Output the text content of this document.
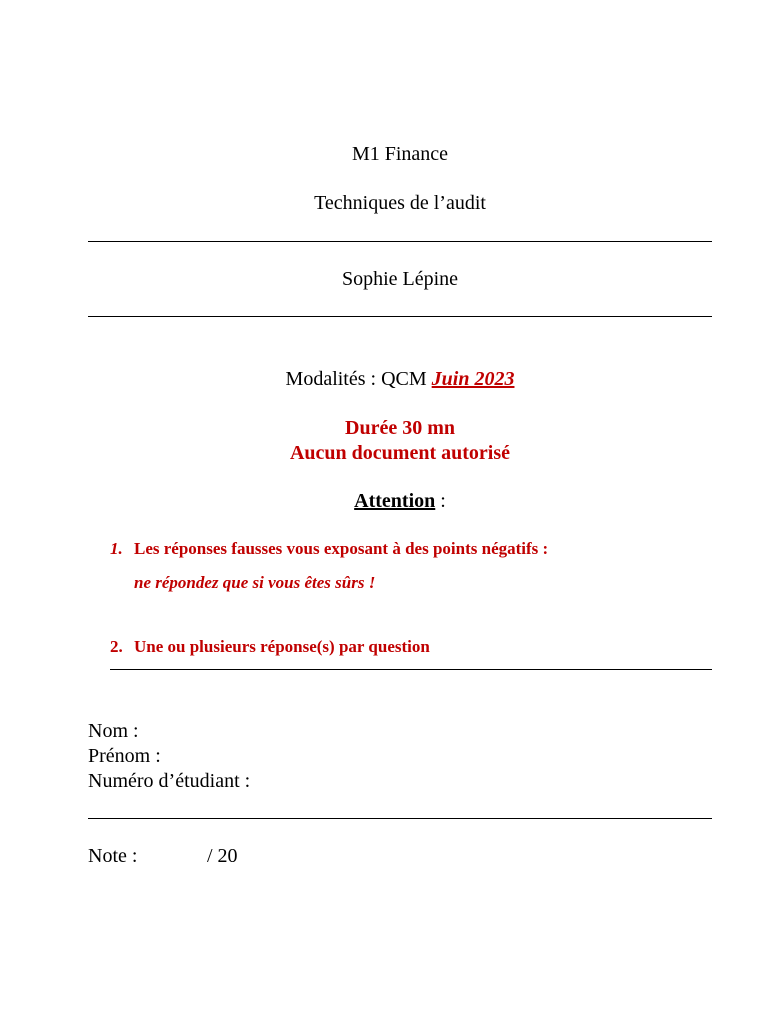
M1 Finance
Techniques de l’audit
Sophie Lépine
Modalités : QCM Juin 2023
Durée 30 mn
Aucun document autorisé
Attention :
1. Les réponses fausses vous exposant à des points négatifs :
ne répondez que si vous êtes sûrs !
2. Une ou plusieurs réponse(s) par question
Nom :
Prénom :
Numéro d’étudiant :
Note :	/ 20
